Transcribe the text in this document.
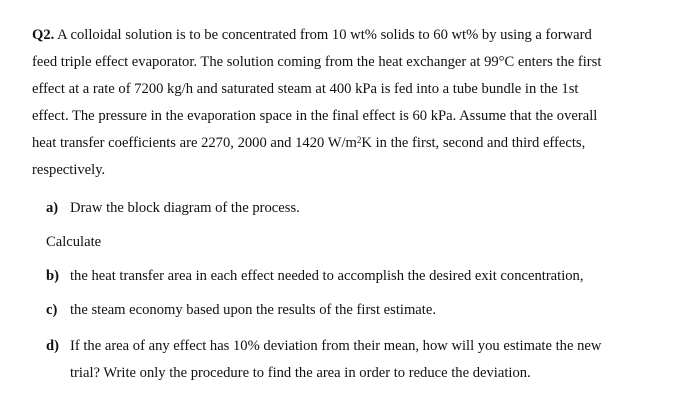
Q2. A colloidal solution is to be concentrated from 10 wt% solids to 60 wt% by using a forward
feed triple effect evaporator. The solution coming from the heat exchanger at 99°C enters the first
effect at a rate of 7200 kg/h and saturated steam at 400 kPa is fed into a tube bundle in the 1st
effect. The pressure in the evaporation space in the final effect is 60 kPa. Assume that the overall
heat transfer coefficients are 2270, 2000 and 1420 $W/m^2K$ in the first, second and third effects,
respectively.
a) Draw the block diagram of the process.
Calculate
b) the heat transfer area in each effect needed to accomplish the desired exit concentration,
c) the steam economy based upon the results of the first estimate.
d) If the area of any effect has 10% deviation from their mean, how will you estimate the new
trial? Write only the procedure to find the area in order to reduce the deviation.
